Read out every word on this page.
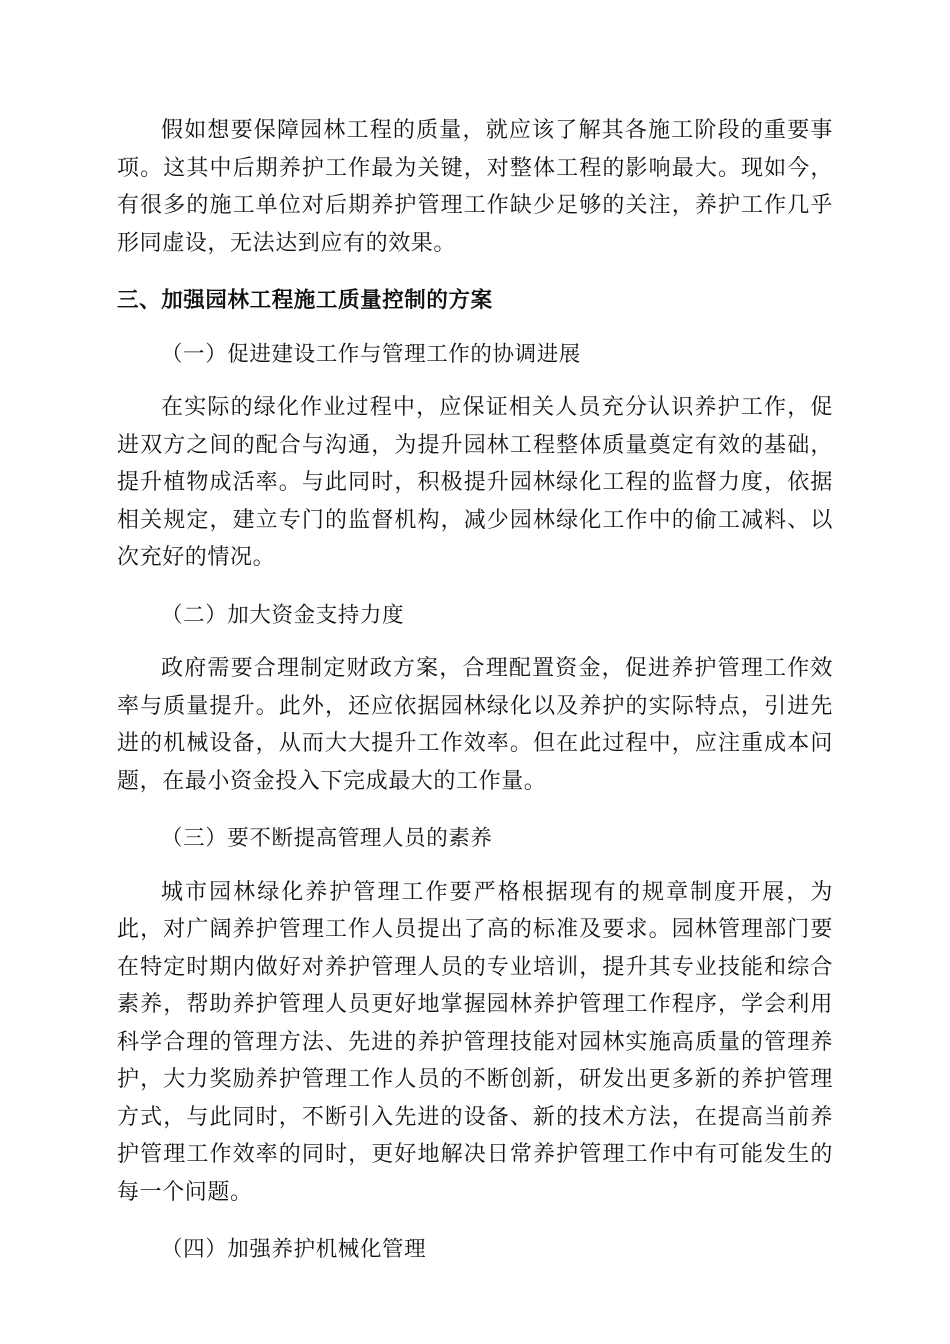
假如想要保障园林工程的质量，就应该了解其各施工阶段的重要事项。这其中后期养护工作最为关键，对整体工程的影响最大。现如今，有很多的施工单位对后期养护管理工作缺少足够的关注，养护工作几乎形同虚设，无法达到应有的效果。

三、加强园林工程施工质量控制的方案

（一）促进建设工作与管理工作的协调进展

在实际的绿化作业过程中，应保证相关人员充分认识养护工作，促进双方之间的配合与沟通，为提升园林工程整体质量奠定有效的基础，提升植物成活率。与此同时，积极提升园林绿化工程的监督力度，依据相关规定，建立专门的监督机构，减少园林绿化工作中的偷工减料、以次充好的情况。

（二）加大资金支持力度

政府需要合理制定财政方案，合理配置资金，促进养护管理工作效率与质量提升。此外，还应依据园林绿化以及养护的实际特点，引进先进的机械设备，从而大大提升工作效率。但在此过程中，应注重成本问题，在最小资金投入下完成最大的工作量。

（三）要不断提高管理人员的素养

城市园林绿化养护管理工作要严格根据现有的规章制度开展，为此，对广阔养护管理工作人员提出了高的标准及要求。园林管理部门要在特定时期内做好对养护管理人员的专业培训，提升其专业技能和综合素养，帮助养护管理人员更好地掌握园林养护管理工作程序，学会利用科学合理的管理方法、先进的养护管理技能对园林实施高质量的管理养护，大力奖励养护管理工作人员的不断创新，研发出更多新的养护管理方式，与此同时，不断引入先进的设备、新的技术方法，在提高当前养护管理工作效率的同时，更好地解决日常养护管理工作中有可能发生的每一个问题。

（四）加强养护机械化管理
